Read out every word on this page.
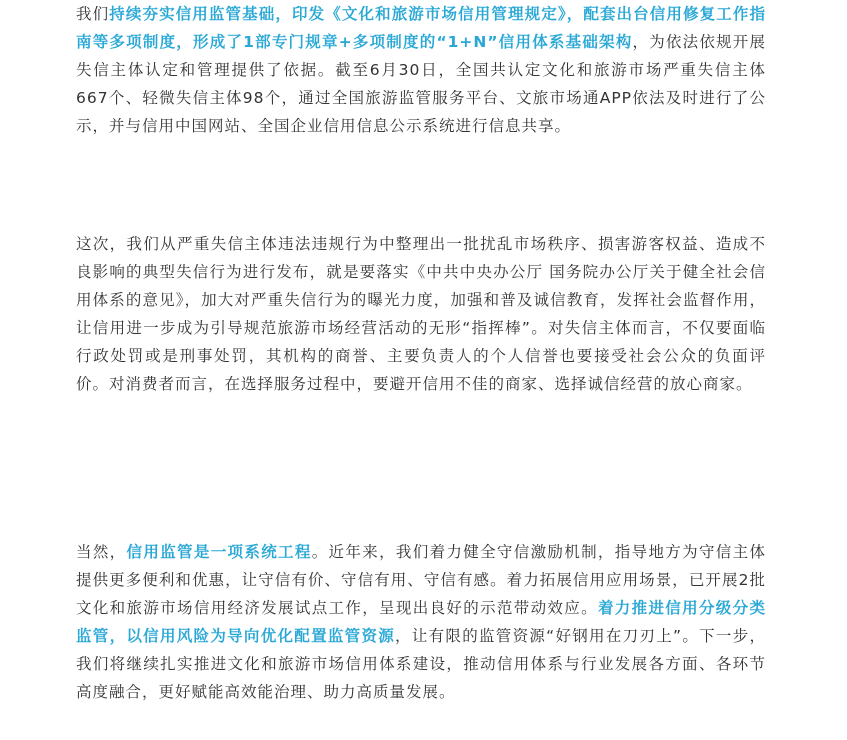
我们持续夯实信用监管基础，印发《文化和旅游市场信用管理规定》，配套出台信用修复工作指南等多项制度，形成了1部专门规章+多项制度的“1+N”信用体系基础架构，为依法依规开展失信主体认定和管理提供了依据。截至6月30日，全国共认定文化和旅游市场严重失信主体667个、轻微失信主体98个，通过全国旅游监管服务平台、文旅市场通APP依法及时进行了公示，并与信用中国网站、全国企业信用信息公示系统进行信息共享。

这次，我们从严重失信主体违法违规行为中整理出一批扰乱市场秩序、损害游客权益、造成不良影响的典型失信行为进行发布，就是要落实《中共中央办公厅 国务院办公厅关于健全社会信用体系的意见》，加大对严重失信行为的曝光力度，加强和普及诚信教育，发挥社会监督作用，让信用进一步成为引导规范旅游市场经营活动的无形“指挥棒”。对失信主体而言，不仅要面临行政处罚或是刑事处罚，其机构的商誉、主要负责人的个人信誉也要接受社会公众的负面评价。对消费者而言，在选择服务过程中，要避开信用不佳的商家、选择诚信经营的放心商家。

当然，信用监管是一项系统工程。近年来，我们着力健全守信激励机制，指导地方为守信主体提供更多便利和优惠，让守信有价、守信有用、守信有感。着力拓展信用应用场景，已开展2批文化和旅游市场信用经济发展试点工作，呈现出良好的示范带动效应。着力推进信用分级分类监管，以信用风险为导向优化配置监管资源，让有限的监管资源“好钢用在刀刃上”。下一步，我们将继续扎实推进文化和旅游市场信用体系建设，推动信用体系与行业发展各方面、各环节高度融合，更好赋能高效能治理、助力高质量发展。
